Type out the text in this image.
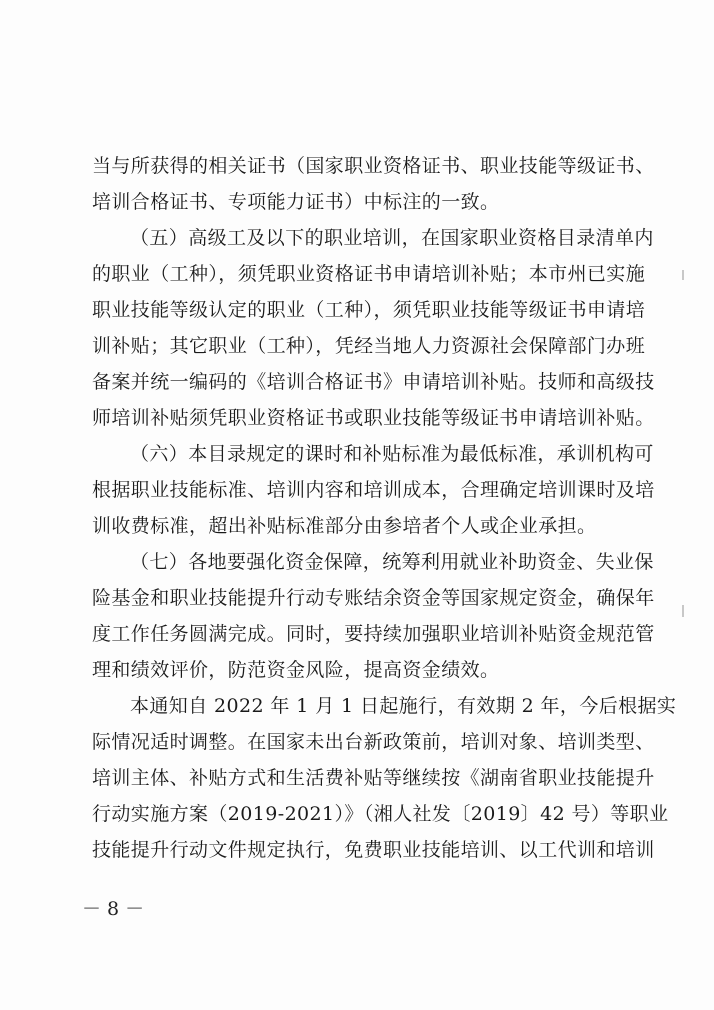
当与所获得的相关证书（国家职业资格证书、职业技能等级证书、
培训合格证书、专项能力证书）中标注的一致。
（五）高级工及以下的职业培训，在国家职业资格目录清单内
的职业（工种），须凭职业资格证书申请培训补贴；本市州已实施
职业技能等级认定的职业（工种），须凭职业技能等级证书申请培
训补贴；其它职业（工种），凭经当地人力资源社会保障部门办班
备案并统一编码的《培训合格证书》申请培训补贴。技师和高级技
师培训补贴须凭职业资格证书或职业技能等级证书申请培训补贴。
（六）本目录规定的课时和补贴标准为最低标准，承训机构可
根据职业技能标准、培训内容和培训成本，合理确定培训课时及培
训收费标准，超出补贴标准部分由参培者个人或企业承担。
（七）各地要强化资金保障，统筹利用就业补助资金、失业保
险基金和职业技能提升行动专账结余资金等国家规定资金，确保年
度工作任务圆满完成。同时，要持续加强职业培训补贴资金规范管
理和绩效评价，防范资金风险，提高资金绩效。
本通知自 2022 年 1 月 1 日起施行，有效期 2 年，今后根据实
际情况适时调整。在国家未出台新政策前，培训对象、培训类型、
培训主体、补贴方式和生活费补贴等继续按《湖南省职业技能提升
行动实施方案（2019-2021）》（湘人社发〔2019〕42 号）等职业
技能提升行动文件规定执行，免费职业技能培训、以工代训和培训
－ 8 －
